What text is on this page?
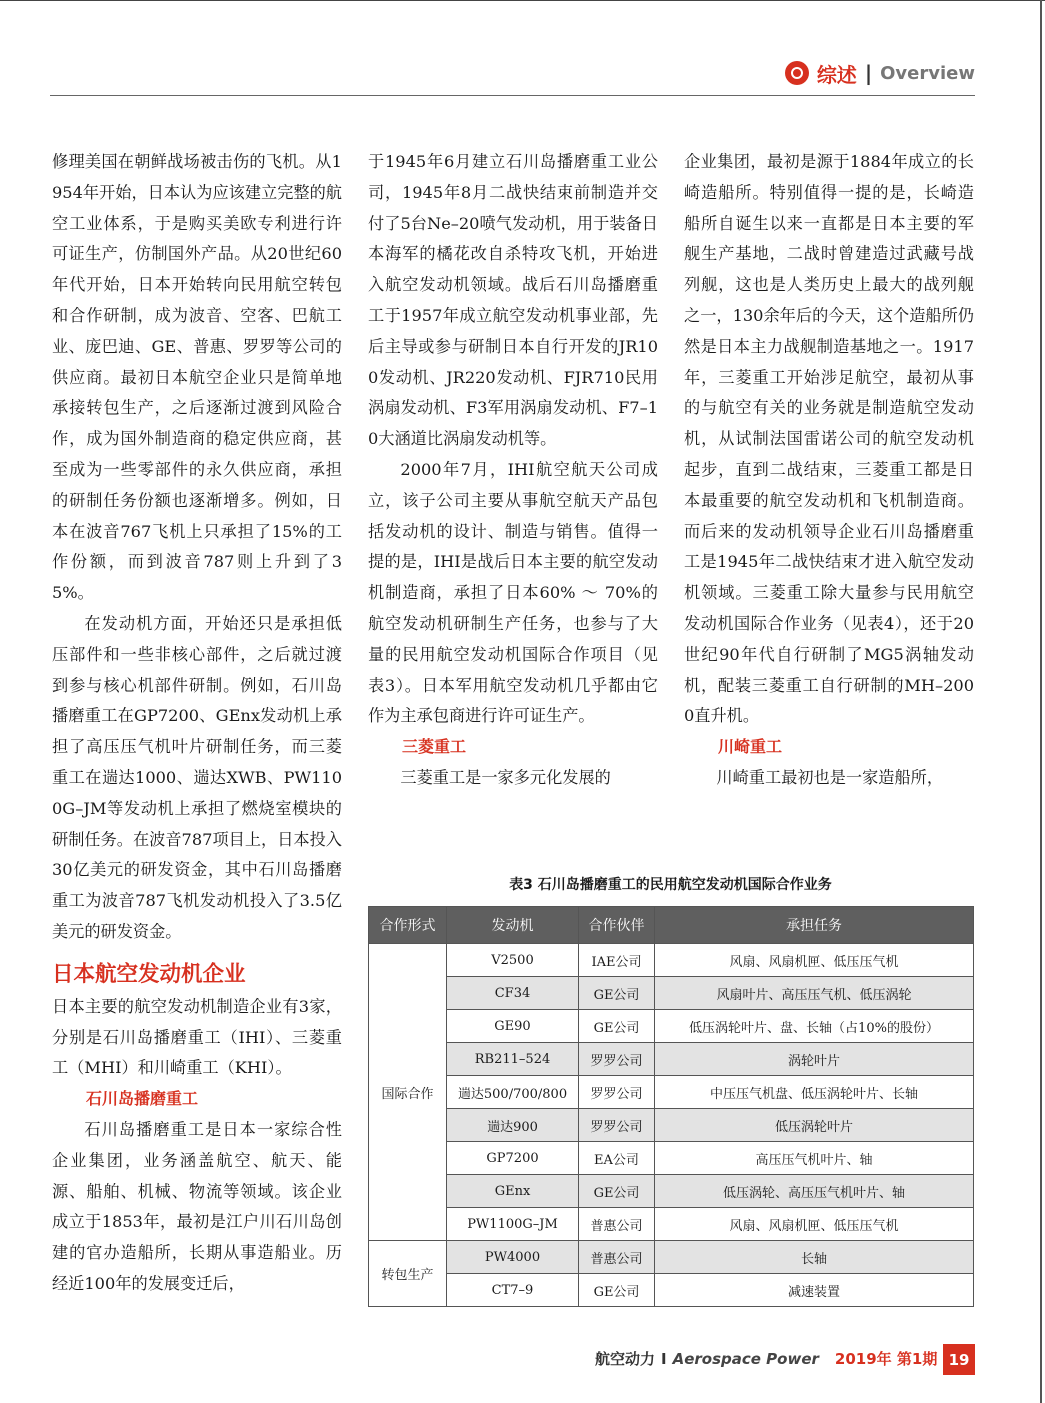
综述 | Overview

修理美国在朝鲜战场被击伤的飞机。从1954年开始，日本认为应该建立完整的航空工业体系，于是购买美欧专利进行许可证生产，仿制国外产品。从20世纪60年代开始，日本开始转向民用航空转包和合作研制，成为波音、空客、巴航工业、庞巴迪、GE、普惠、罗罗等公司的供应商。最初日本航空企业只是简单地承接转包生产，之后逐渐过渡到风险合作，成为国外制造商的稳定供应商，甚至成为一些零部件的永久供应商，承担的研制任务份额也逐渐增多。例如，日本在波音767飞机上只承担了15%的工作份额，而到波音787则上升到了35%。

在发动机方面，开始还只是承担低压部件和一些非核心部件，之后就过渡到参与核心机部件研制。例如，石川岛播磨重工在GP7200、GEnx发动机上承担了高压压气机叶片研制任务，而三菱重工在遄达1000、遄达XWB、PW1100G–JM等发动机上承担了燃烧室模块的研制任务。在波音787项目上，日本投入30亿美元的研发资金，其中石川岛播磨重工为波音787飞机发动机投入了3.5亿美元的研发资金。

日本航空发动机企业

日本主要的航空发动机制造企业有3家，分别是石川岛播磨重工（IHI）、三菱重工（MHI）和川崎重工（KHI）。

石川岛播磨重工

石川岛播磨重工是日本一家综合性企业集团，业务涵盖航空、航天、能源、船舶、机械、物流等领域。该企业成立于1853年，最初是江户川石川岛创建的官办造船所，长期从事造船业。历经近100年的发展变迁后，

于1945年6月建立石川岛播磨重工业公司，1945年8月二战快结束前制造并交付了5台Ne–20喷气发动机，用于装备日本海军的橘花改自杀特攻飞机，开始进入航空发动机领域。战后石川岛播磨重工于1957年成立航空发动机事业部，先后主导或参与研制日本自行开发的JR100发动机、JR220发动机、FJR710民用涡扇发动机、F3军用涡扇发动机、F7–10大涵道比涡扇发动机等。

2000年7月，IHI航空航天公司成立，该子公司主要从事航空航天产品包括发动机的设计、制造与销售。值得一提的是，IHI是战后日本主要的航空发动机制造商，承担了日本60% ～ 70%的航空发动机研制生产任务，也参与了大量的民用航空发动机国际合作项目（见表3）。日本军用航空发动机几乎都由它作为主承包商进行许可证生产。

三菱重工

三菱重工是一家多元化发展的

企业集团，最初是源于1884年成立的长崎造船所。特别值得一提的是，长崎造船所自诞生以来一直都是日本主要的军舰生产基地，二战时曾建造过武藏号战列舰，这也是人类历史上最大的战列舰之一，130余年后的今天，这个造船所仍然是日本主力战舰制造基地之一。1917年，三菱重工开始涉足航空，最初从事的与航空有关的业务就是制造航空发动机，从试制法国雷诺公司的航空发动机起步，直到二战结束，三菱重工都是日本最重要的航空发动机和飞机制造商。而后来的发动机领导企业石川岛播磨重工是1945年二战快结束才进入航空发动机领域。三菱重工除大量参与民用航空发动机国际合作业务（见表4），还于20世纪90年代自行研制了MG5涡轴发动机，配装三菱重工自行研制的MH–2000直升机。

川崎重工

川崎重工最初也是一家造船所，

表3 石川岛播磨重工的民用航空发动机国际合作业务
合作形式	发动机	合作伙伴	承担任务
国际合作	V2500	IAE公司	风扇、风扇机匣、低压压气机
	CF34	GE公司	风扇叶片、高压压气机、低压涡轮
	GE90	GE公司	低压涡轮叶片、盘、长轴（占10%的股份）
	RB211–524	罗罗公司	涡轮叶片
	遄达500/700/800	罗罗公司	中压压气机盘、低压涡轮叶片、长轴
	遄达900	罗罗公司	低压涡轮叶片
	GP7200	EA公司	高压压气机叶片、轴
	GEnx	GE公司	低压涡轮、高压压气机叶片、轴
	PW1100G–JM	普惠公司	风扇、风扇机匣、低压压气机
转包生产	PW4000	普惠公司	长轴
	CT7–9	GE公司	减速装置
航空动力 I Aerospace Power 2019年 第1期 19
